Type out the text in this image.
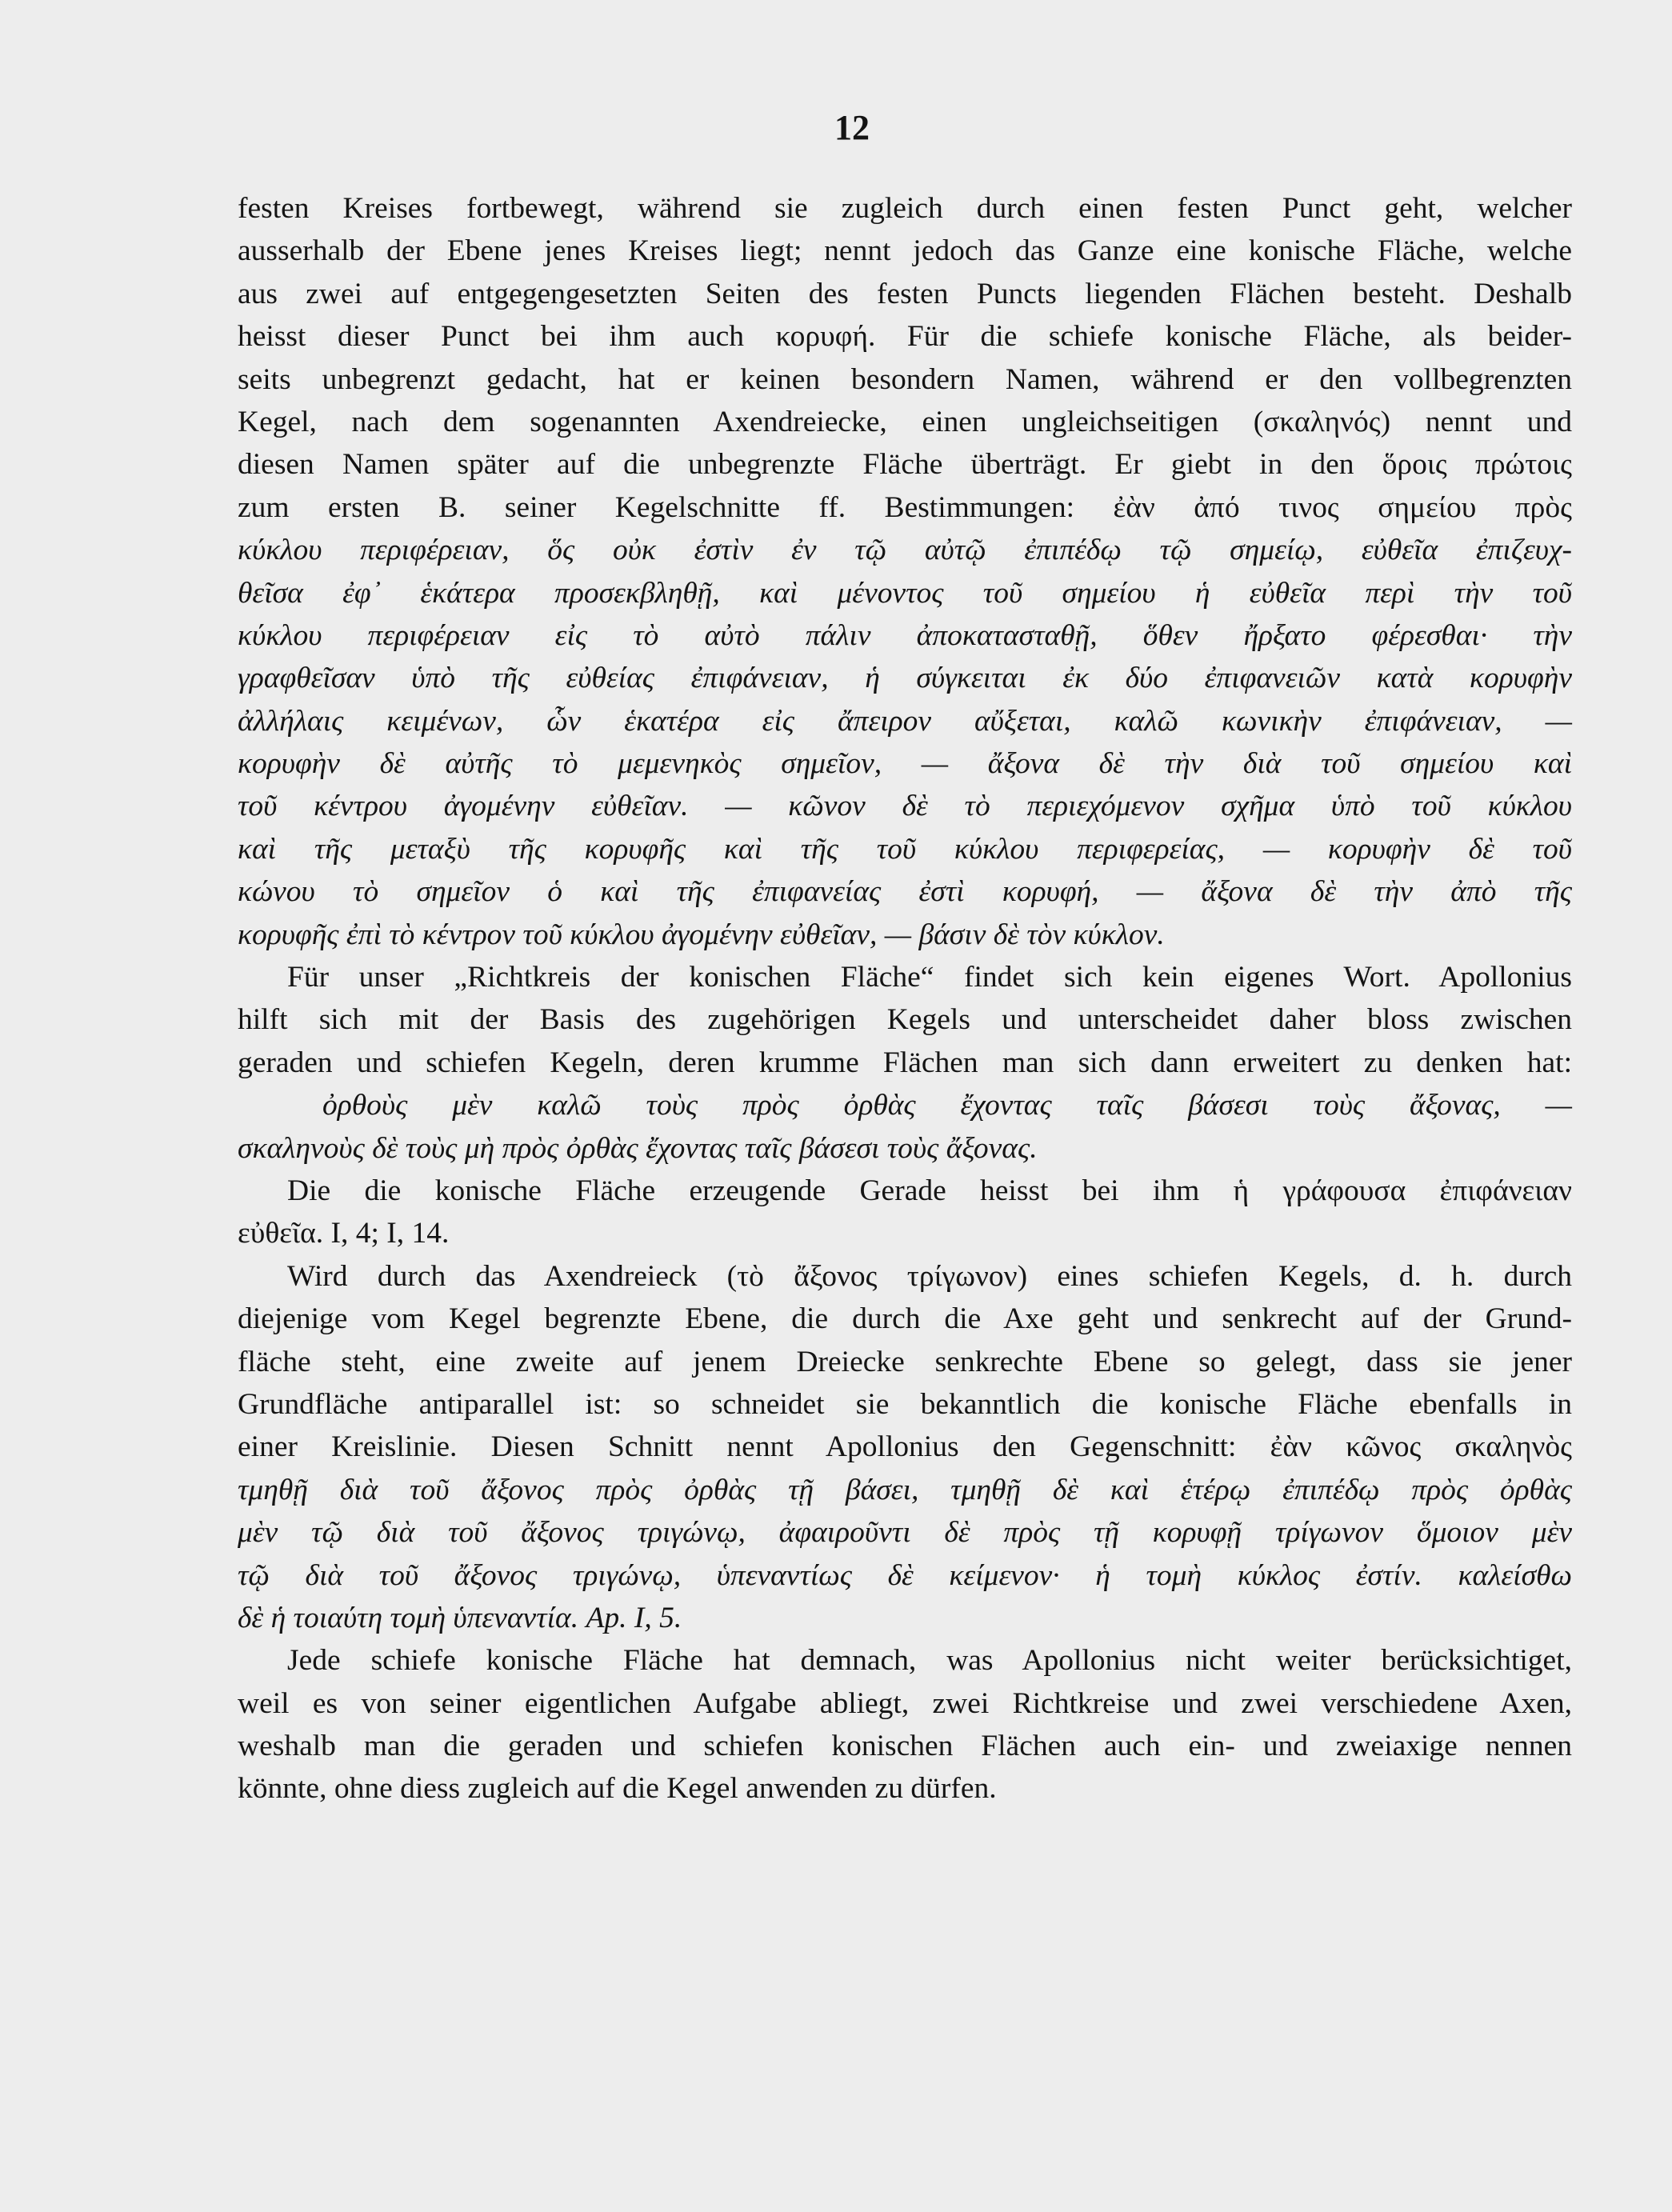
12
festen Kreises fortbewegt, während sie zugleich durch einen festen Punct geht, welcher
ausserhalb der Ebene jenes Kreises liegt; nennt jedoch das Ganze eine konische Fläche, welche
aus zwei auf entgegengesetzten Seiten des festen Puncts liegenden Flächen besteht. Deshalb
heisst dieser Punct bei ihm auch κορυφή. Für die schiefe konische Fläche, als beider-
seits unbegrenzt gedacht, hat er keinen besondern Namen, während er den vollbegrenzten
Kegel, nach dem sogenannten Axendreiecke, einen ungleichseitigen (σκαληνός) nennt und
diesen Namen später auf die unbegrenzte Fläche überträgt. Er giebt in den ὅροις πρώτοις
zum ersten B. seiner Kegelschnitte ff. Bestimmungen: ἐὰν ἀπό τινος σημείου πρὸς
κύκλου περιφέρειαν, ὅς οὐκ ἐστὶν ἐν τῷ αὐτῷ ἐπιπέδῳ τῷ σημείῳ, εὐθεῖα ἐπιζευχ-
θεῖσα ἐφ᾽ ἑκάτερα προσεκβληθῇ, καὶ μένοντος τοῦ σημείου ἡ εὐθεῖα περὶ τὴν τοῦ
κύκλου περιφέρειαν εἰς τὸ αὐτὸ πάλιν ἀποκατασταθῇ, ὅθεν ἤρξατο φέρεσθαι· τὴν
γραφθεῖσαν ὑπὸ τῆς εὐθείας ἐπιφάνειαν, ἡ σύγκειται ἐκ δύο ἐπιφανειῶν κατὰ κορυφὴν
ἀλλήλαις κειμένων, ὧν ἑκατέρα εἰς ἄπειρον αὔξεται, καλῶ κωνικὴν ἐπιφάνειαν, —
κορυφὴν δὲ αὐτῆς τὸ μεμενηκὸς σημεῖον, — ἄξονα δὲ τὴν διὰ τοῦ σημείου καὶ
τοῦ κέντρου ἀγομένην εὐθεῖαν. — κῶνον δὲ τὸ περιεχόμενον σχῆμα ὑπὸ τοῦ κύκλου
καὶ τῆς μεταξὺ τῆς κορυφῆς καὶ τῆς τοῦ κύκλου περιφερείας, — κορυφὴν δὲ τοῦ
κώνου τὸ σημεῖον ὁ καὶ τῆς ἐπιφανείας ἐστὶ κορυφή, — ἄξονα δὲ τὴν ἀπὸ τῆς
κορυφῆς ἐπὶ τὸ κέντρον τοῦ κύκλου ἀγομένην εὐθεῖαν, — βάσιν δὲ τὸν κύκλον.
Für unser „Richtkreis der konischen Fläche“ findet sich kein eigenes Wort. Apollonius
hilft sich mit der Basis des zugehörigen Kegels und unterscheidet daher bloss zwischen
geraden und schiefen Kegeln, deren krumme Flächen man sich dann erweitert zu denken hat:
ὀρθοὺς μὲν καλῶ τοὺς πρὸς ὀρθὰς ἔχοντας ταῖς βάσεσι τοὺς ἄξονας, —
σκαληνοὺς δὲ τοὺς μὴ πρὸς ὀρθὰς ἔχοντας ταῖς βάσεσι τοὺς ἄξονας.
Die die konische Fläche erzeugende Gerade heisst bei ihm ἡ γράφουσα ἐπιφάνειαν
εὐθεῖα. I, 4; I, 14.
Wird durch das Axendreieck (τὸ ἄξονος τρίγωνον) eines schiefen Kegels, d. h. durch
diejenige vom Kegel begrenzte Ebene, die durch die Axe geht und senkrecht auf der Grund-
fläche steht, eine zweite auf jenem Dreiecke senkrechte Ebene so gelegt, dass sie jener
Grundfläche antiparallel ist: so schneidet sie bekanntlich die konische Fläche ebenfalls in
einer Kreislinie. Diesen Schnitt nennt Apollonius den Gegenschnitt: ἐὰν κῶνος σκαληνὸς
τμηθῇ διὰ τοῦ ἄξονος πρὸς ὀρθὰς τῇ βάσει, τμηθῇ δὲ καὶ ἑτέρῳ ἐπιπέδῳ πρὸς ὀρθὰς
μὲν τῷ διὰ τοῦ ἄξονος τριγώνῳ, ἀφαιροῦντι δὲ πρὸς τῇ κορυφῇ τρίγωνον ὅμοιον μὲν
τῷ διὰ τοῦ ἄξονος τριγώνῳ, ὑπεναντίως δὲ κείμενον· ἡ τομὴ κύκλος ἐστίν. καλείσθω
δὲ ἡ τοιαύτη τομὴ ὑπεναντία. Ap. I, 5.
Jede schiefe konische Fläche hat demnach, was Apollonius nicht weiter berücksichtiget,
weil es von seiner eigentlichen Aufgabe abliegt, zwei Richtkreise und zwei verschiedene Axen,
weshalb man die geraden und schiefen konischen Flächen auch ein- und zweiaxige nennen
könnte, ohne diess zugleich auf die Kegel anwenden zu dürfen.
